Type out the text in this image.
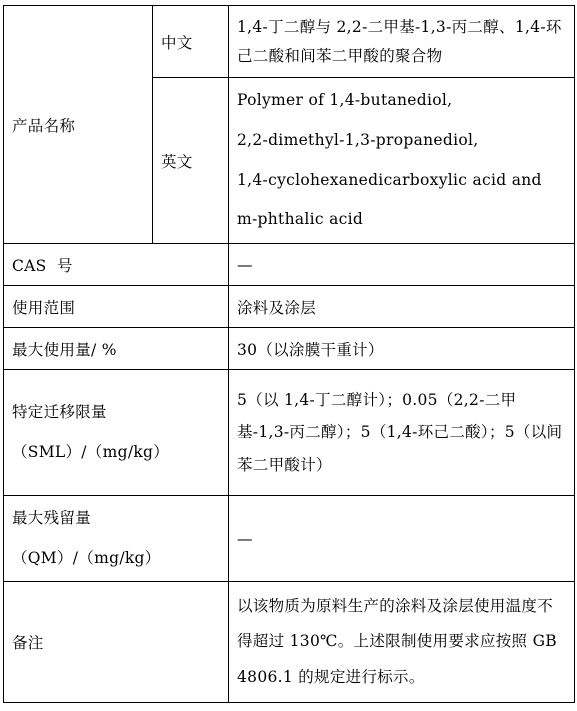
产品名称	中文	1,4-丁二醇与 2,2-二甲基-1,3-丙二醇、1,4-环己二酸和间苯二甲酸的聚合物
	英文	Polymer of 1,4-butanediol,
2,2-dimethyl-1,3-propanediol,
1,4-cyclohexanedicarboxylic acid and
m-phthalic acid

CAS  号		—
使用范围		涂料及涂层
最大使用量/ %		30（以涂膜干重计）

特定迁移限量
（SML）/（mg/kg）		5（以 1,4-丁二醇计）；0.05（2,2-二甲基-1,3-丙二醇）；5（1,4-环己二酸）；5（以间苯二甲酸计）

最大残留量
（QM）/（mg/kg）		—
备注		以该物质为原料生产的涂料及涂层使用温度不得超过 130℃。上述限制使用要求应按照 GB 4806.1 的规定进行标示。
